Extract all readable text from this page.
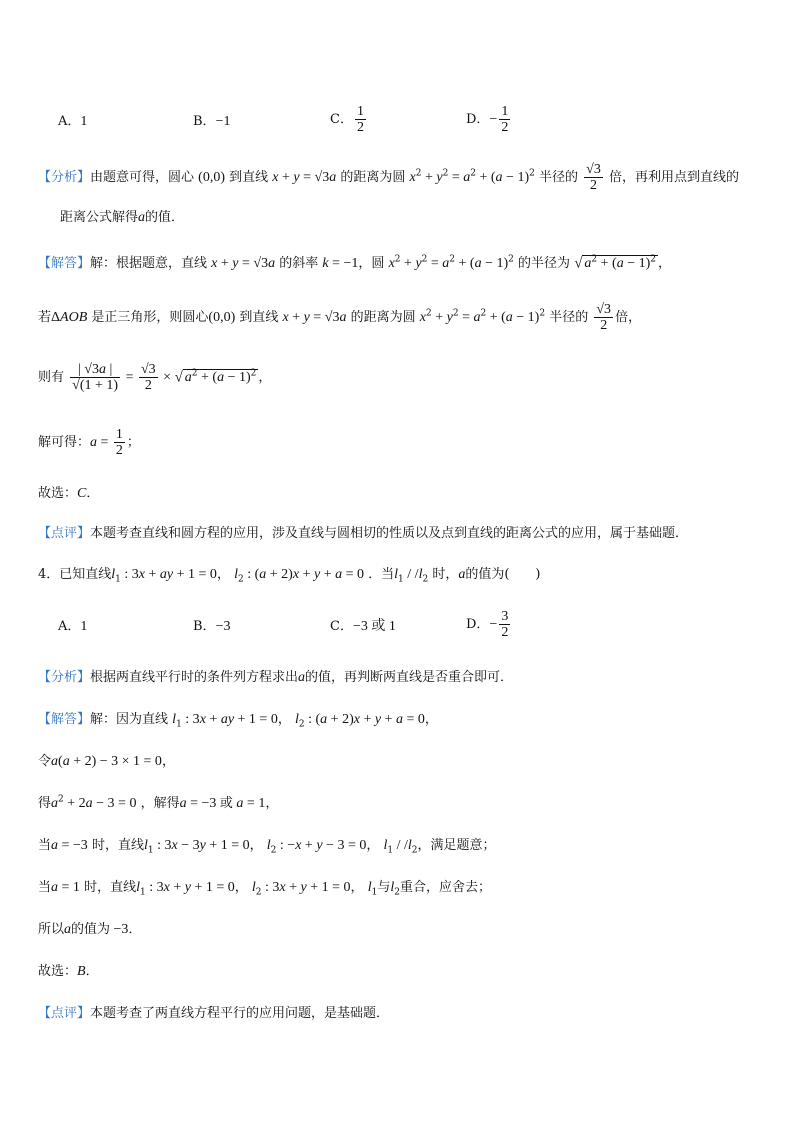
A．1	B．−1	C． $\frac{1}{2}$	D．− $\frac{1}{2}$
【分析】由题意可得，圆心 (0,0) 到直线 x + y = √3a 的距离为圆 $x^2 + y^2 = a^2 + (a - 1)^2$ 半径的 $\frac{√3}{2}$ 倍，再利用点到直线的
距离公式解得a的值．
【解答】解：根据题意，直线 x + y = √3a 的斜率 k = −1，圆 $x^2 + y^2 = a^2 + (a - 1)^2$ 的半径为 √ $a^2 + (a - 1)^2$ ，
若ΔAOB 是正三角形，则圆心(0,0) 到直线 x + y = √3a 的距离为圆 $x^2 + y^2 = a^2 + (a - 1)^2$ 半径的 $\frac{√3}{2}$ 倍，
则有 $\frac{| √3a |}{√(1 + 1)} = \frac{√3}{2}$ × √ $a^2 + (a - 1)^2$ ，
解可得：$a = \frac{1}{2}$ ；
故选：C．
【点评】本题考查直线和圆方程的应用，涉及直线与圆相切的性质以及点到直线的距离公式的应用，属于基础题．
4．已知直线$l_1$ : 3x + ay + 1 = 0， $l_2$ : (a + 2)x + y + a = 0 ．当$l_1 / /l_2$ 时，a的值为(　　)
A．1	B．−3	C．−3 或 1	D．− $\frac{3}{2}$
【分析】根据两直线平行时的条件列方程求出a的值，再判断两直线是否重合即可．
【解答】解：因为直线 $l_1$ : 3x + ay + 1 = 0， $l_2$ : (a + 2)x + y + a = 0，
令a(a + 2) − 3 × 1 = 0，
得$a^2 + 2a - 3 = 0$ ，解得a = −3 或 a = 1，
当a = −3 时，直线$l_1$ : 3x − 3y + 1 = 0， $l_2$ : −x + y − 3 = 0， $l_1 / /l_2$，满足题意；
当a = 1 时，直线$l_1$ : 3x + y + 1 = 0， $l_2$ : 3x + y + 1 = 0， $l_1$与$l_2$重合，应舍去；
所以a的值为 −3．
故选：B．
【点评】本题考查了两直线方程平行的应用问题，是基础题．
